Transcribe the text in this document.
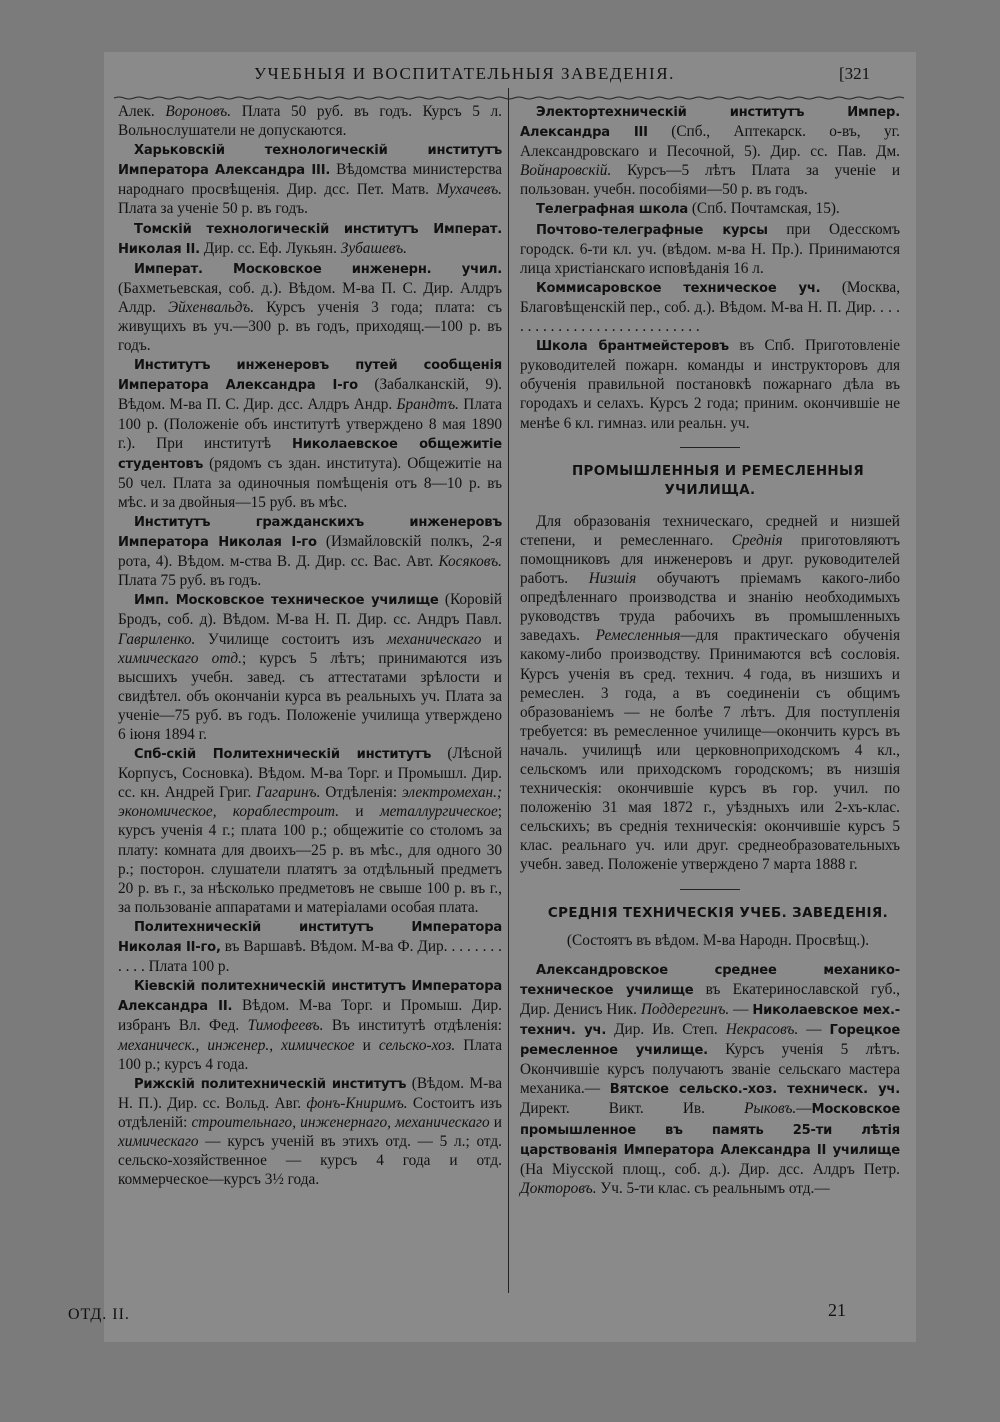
УЧЕБНЫЯ И ВОСПИТАТЕЛЬНЫЯ ЗАВЕДЕНІЯ.	[321

Алек. Вороновъ. Плата 50 руб. въ годъ. Курсъ 5 л. Вольнослушатели не допускаются.

Харьковскій технологическій институтъ Императора Александра III. Вѣдомства министерства народнаго просвѣщенія. Дир. дсс. Пет. Матв. Мухачевъ. Плата за ученіе 50 р. въ годъ.

Томскій технологическій институтъ Императ. Николая II. Дир. сс. Еф. Лукьян. Зубашевъ.

Императ. Московское инженерн. учил. (Бахметьевская, соб. д.). Вѣдом. М-ва П. С. Дир. Алдръ Алдр. Эйхенвальдъ. Курсъ ученія 3 года; плата: съ живущихъ въ уч.—300 р. въ годъ, приходящ.—100 р. въ годъ.

Институтъ инженеровъ путей сообщенія Императора Александра I-го (Забалканскій, 9). Вѣдом. М-ва П. С. Дир. дсс. Алдръ Андр. Брандтъ. Плата 100 р. (Положеніе объ институтѣ утверждено 8 мая 1890 г.). При институтѣ Николаевское общежитіе студентовъ (рядомъ съ здан. института). Общежитіе на 50 чел. Плата за одиночныя помѣщенія отъ 8—10 р. въ мѣс. и за двойныя—15 руб. въ мѣс.

Институтъ гражданскихъ инженеровъ Императора Николая I-го (Измайловскій полкъ, 2-я рота, 4). Вѣдом. м-ства В. Д. Дир. сс. Вас. Авт. Косяковъ. Плата 75 руб. въ годъ.

Имп. Московское техническое училище (Коровій Бродъ, соб. д). Вѣдом. М-ва Н. П. Дир. сс. Андръ Павл. Гавриленко. Училище состоитъ изъ механическаго и химическаго отд.; курсъ 5 лѣтъ; принимаются изъ высшихъ учебн. завед. съ аттестатами зрѣлости и свидѣтел. объ окончаніи курса въ реальныхъ уч. Плата за ученіе—75 руб. въ годъ. Положеніе училища утверждено 6 іюня 1894 г.

Спб-скій Политехническій институтъ (Лѣсной Корпусъ, Сосновка). Вѣдом. М-ва Торг. и Промышл. Дир. сс. кн. Андрей Григ. Гагаринъ. Отдѣленія: электромехан.; экономическое, кораблестроит. и металлургическое; курсъ ученія 4 г.; плата 100 р.; общежитіе со столомъ за плату: комната для двоихъ—25 р. въ мѣс., для одного 30 р.; посторон. слушатели платятъ за отдѣльный предметъ 20 р. въ г., за нѣсколько предметовъ не свыше 100 р. въ г., за пользованіе аппаратами и матеріалами особая плата.

Политехническій институтъ Императора Николая II-го, въ Варшавѣ. Вѣдом. М-ва Ф. Дир. . . . . . . . . . . . Плата 100 р.

Кіевскій политехническій институтъ Императора Александра II. Вѣдом. М-ва Торг. и Промыш. Дир. избранъ Вл. Фед. Тимофеевъ. Въ институтѣ отдѣленія: механическ., инженер., химическое и сельско-хоз. Плата 100 р.; курсъ 4 года.

Рижскій политехническій институтъ (Вѣдом. М-ва Н. П.). Дир. сс. Вольд. Авг. фонъ-Книримъ. Состоитъ изъ отдѣленій: строительнаго, инженернаго, механическаго и химическаго — курсъ ученій въ этихъ отд. — 5 л.; отд. сельско-хозяйственное — курсъ 4 года и отд. коммерческое—курсъ 3½ года.

Электортехническій институтъ Импер. Александра III (Спб., Аптекарск. о-въ, уг. Александровскаго и Песочной, 5). Дир. сс. Пав. Дм. Войнаровскій. Курсъ—5 лѣтъ Плата за ученіе и пользован. учебн. пособіями—50 р. въ годъ.

Телеграфная школа (Спб. Почтамская, 15).

Почтово-телеграфные курсы при Одесскомъ городск. 6-ти кл. уч. (вѣдом. м-ва Н. Пр.). Принимаются лица христіанскаго исповѣданія 16 л.

Коммисаровское техническое уч. (Москва, Благовѣщенскій пер., соб. д.). Вѣдом. М-ва Н. П. Дир. . . . . . . . . . . . . . . . . . . . . . . . . . . .

Школа брантмейстеровъ въ Спб. Приготовленіе руководителей пожарн. команды и инструкторовъ для обученія правильной постановкѣ пожарнаго дѣла въ городахъ и селахъ. Курсъ 2 года; приним. окончившіе не менѣе 6 кл. гимназ. или реальн. уч.

ПРОМЫШЛЕННЫЯ И РЕМЕСЛЕННЫЯ УЧИЛИЩА.

Для образованія техническаго, средней и низшей степени, и ремесленнаго. Среднія приготовляютъ помощниковъ для инженеровъ и друг. руководителей работъ. Низшія обучаютъ пріемамъ какого-либо опредѣленнаго производства и знанію необходимыхъ руководствъ труда рабочихъ въ промышленныхъ заведахъ. Ремесленныя—для практическаго обученія какому-либо производству. Принимаются всѣ сословія. Курсъ ученія въ сред. технич. 4 года, въ низшихъ и ремеслен. 3 года, а въ соединеніи съ общимъ образованіемъ — не болѣе 7 лѣтъ. Для поступленія требуется: въ ремесленное училище—окончить курсъ въ началь. училищѣ или церковноприходскомъ 4 кл., сельскомъ или приходскомъ городскомъ; въ низшія техническія: окончившіе курсъ въ гор. учил. по положенію 31 мая 1872 г., уѣздныхъ или 2-хъ-клас. сельскихъ; въ среднія техническія: окончившіе курсъ 5 клас. реальнаго уч. или друг. среднеобразовательныхъ учебн. завед. Положеніе утверждено 7 марта 1888 г.

СРЕДНІЯ ТЕХНИЧЕСКІЯ УЧЕБ. ЗАВЕДЕНІЯ.

(Состоятъ въ вѣдом. М-ва Народн. Просвѣщ.).

Александровское среднее механико-техническое училище въ Екатеринославской губ., Дир. Денисъ Ник. Поддерегинъ. — Николаевское мех.-технич. уч. Дир. Ив. Степ. Некрасовъ. — Горецкое ремесленное училище. Курсъ ученія 5 лѣтъ. Окончившіе курсъ получаютъ званіе сельскаго мастера механика.— Вятское сельско.-хоз. техническ. уч. Директ. Викт. Ив.	Рыковъ.—Московское промышленное въ память 25-ти лѣтія царствованія Императора Александра II училище (На Міусской площ., соб. д.). Дир. дсс. Алдръ Петр. Докторовъ. Уч. 5-ти клас. съ реальнымъ отд.—

ОТД. II.	21
